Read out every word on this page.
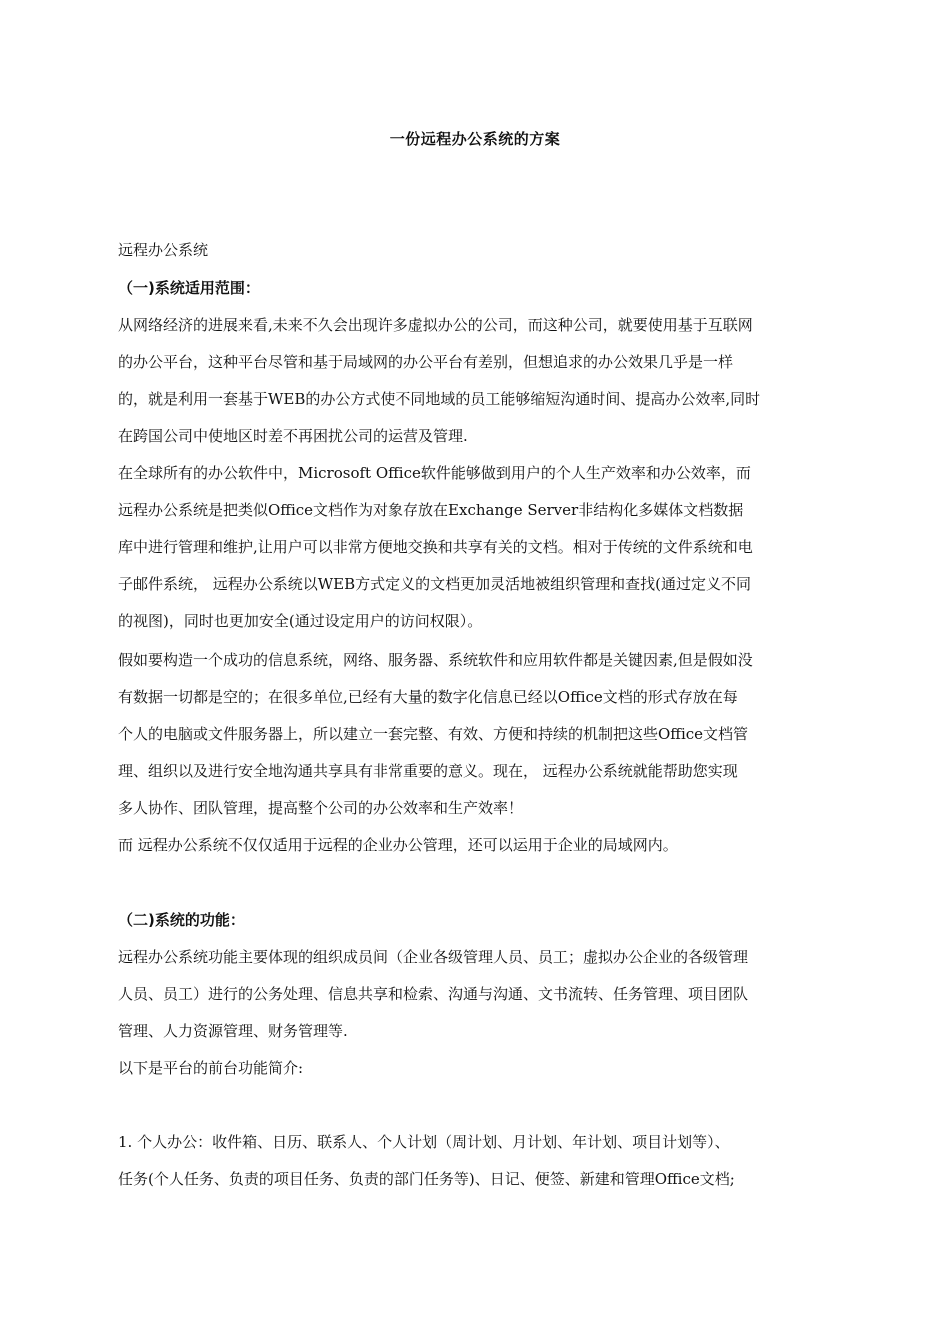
一份远程办公系统的方案
远程办公系统
（一)系统适用范围：
从网络经济的进展来看,未来不久会出现许多虚拟办公的公司，而这种公司，就要使用基于互联网
的办公平台，这种平台尽管和基于局域网的办公平台有差别，但想追求的办公效果几乎是一样
的，就是利用一套基于WEB的办公方式使不同地域的员工能够缩短沟通时间、提高办公效率,同时
在跨国公司中使地区时差不再困扰公司的运营及管理.
在全球所有的办公软件中，Microsoft Office软件能够做到用户的个人生产效率和办公效率，而
远程办公系统是把类似Office文档作为对象存放在Exchange Server非结构化多媒体文档数据
库中进行管理和维护,让用户可以非常方便地交换和共享有关的文档。相对于传统的文件系统和电
子邮件系统， 远程办公系统以WEB方式定义的文档更加灵活地被组织管理和查找(通过定义不同
的视图)，同时也更加安全(通过设定用户的访问权限）。
假如要构造一个成功的信息系统，网络、服务器、系统软件和应用软件都是关键因素,但是假如没
有数据一切都是空的；在很多单位,已经有大量的数字化信息已经以Office文档的形式存放在每
个人的电脑或文件服务器上，所以建立一套完整、有效、方便和持续的机制把这些Office文档管
理、组织以及进行安全地沟通共享具有非常重要的意义。现在， 远程办公系统就能帮助您实现
多人协作、团队管理，提高整个公司的办公效率和生产效率！
而 远程办公系统不仅仅适用于远程的企业办公管理，还可以运用于企业的局域网内。
（二)系统的功能：
远程办公系统功能主要体现的组织成员间（企业各级管理人员、员工；虚拟办公企业的各级管理
人员、员工）进行的公务处理、信息共享和检索、沟通与沟通、文书流转、任务管理、项目团队
管理、人力资源管理、财务管理等.
以下是平台的前台功能简介:
1. 个人办公：收件箱、日历、联系人、个人计划（周计划、月计划、年计划、项目计划等）、
任务(个人任务、负责的项目任务、负责的部门任务等)、日记、便签、新建和管理Office文档;
